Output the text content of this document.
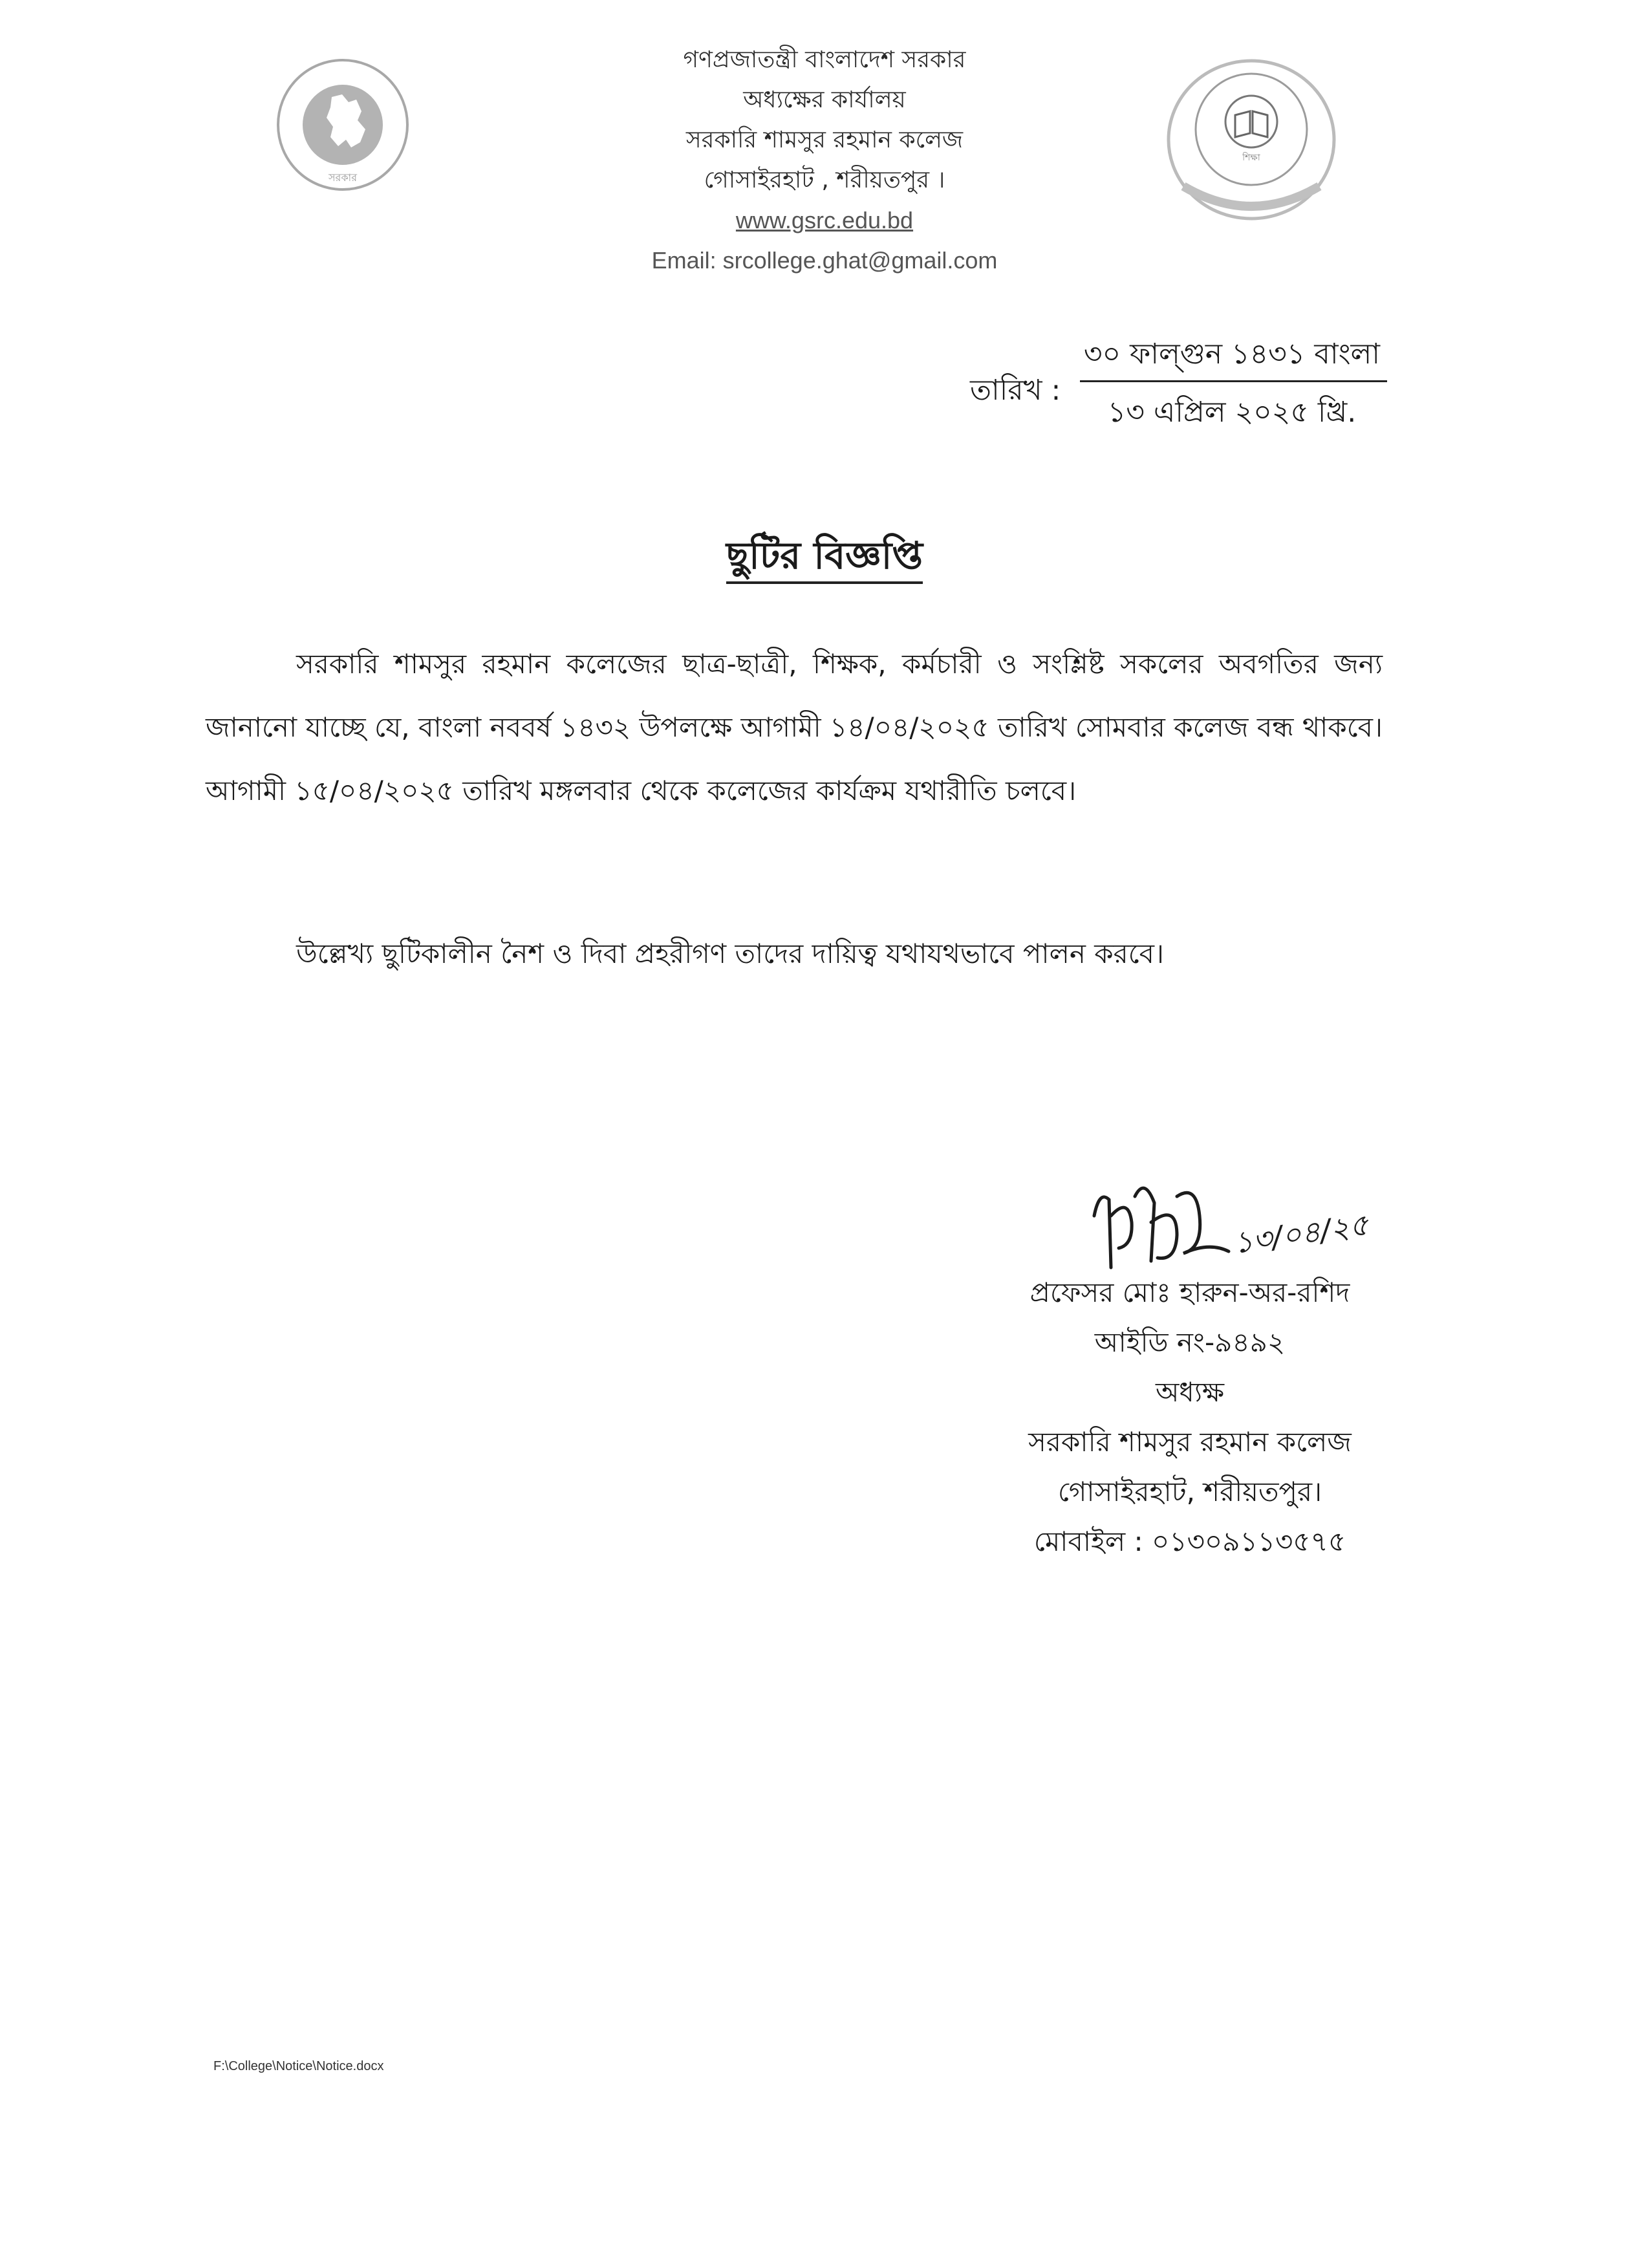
সরকার
শিক্ষা
গণপ্রজাতন্ত্রী বাংলাদেশ সরকার
অধ্যক্ষের কার্যালয়
সরকারি শামসুর রহমান কলেজ
গোসাইরহাট , শরীয়তপুর ।
www.gsrc.edu.bd
Email: srcollege.ghat@gmail.com
তারিখ :
৩০ ফাল্গুন ১৪৩১ বাংলা
১৩ এপ্রিল ২০২৫ খ্রি.
ছুটির বিজ্ঞপ্তি
সরকারি শামসুর রহমান কলেজের ছাত্র-ছাত্রী, শিক্ষক, কর্মচারী ও সংশ্লিষ্ট সকলের অবগতির জন্য জানানো যাচ্ছে যে, বাংলা নববর্ষ ১৪৩২ উপলক্ষে আগামী ১৪/০৪/২০২৫ তারিখ সোমবার কলেজ বন্ধ থাকবে। আগামী ১৫/০৪/২০২৫ তারিখ মঙ্গলবার থেকে কলেজের কার্যক্রম যথারীতি চলবে।
উল্লেখ্য ছুটিকালীন নৈশ ও দিবা প্রহরীগণ তাদের দায়িত্ব যথাযথভাবে পালন করবে।
১৩/০৪/২৫
প্রফেসর মোঃ হারুন-অর-রশিদ
আইডি নং-৯৪৯২
অধ্যক্ষ
সরকারি শামসুর রহমান কলেজ
গোসাইরহাট, শরীয়তপুর।
মোবাইল : ০১৩০৯১১৩৫৭৫
F:\College\Notice\Notice.docx
